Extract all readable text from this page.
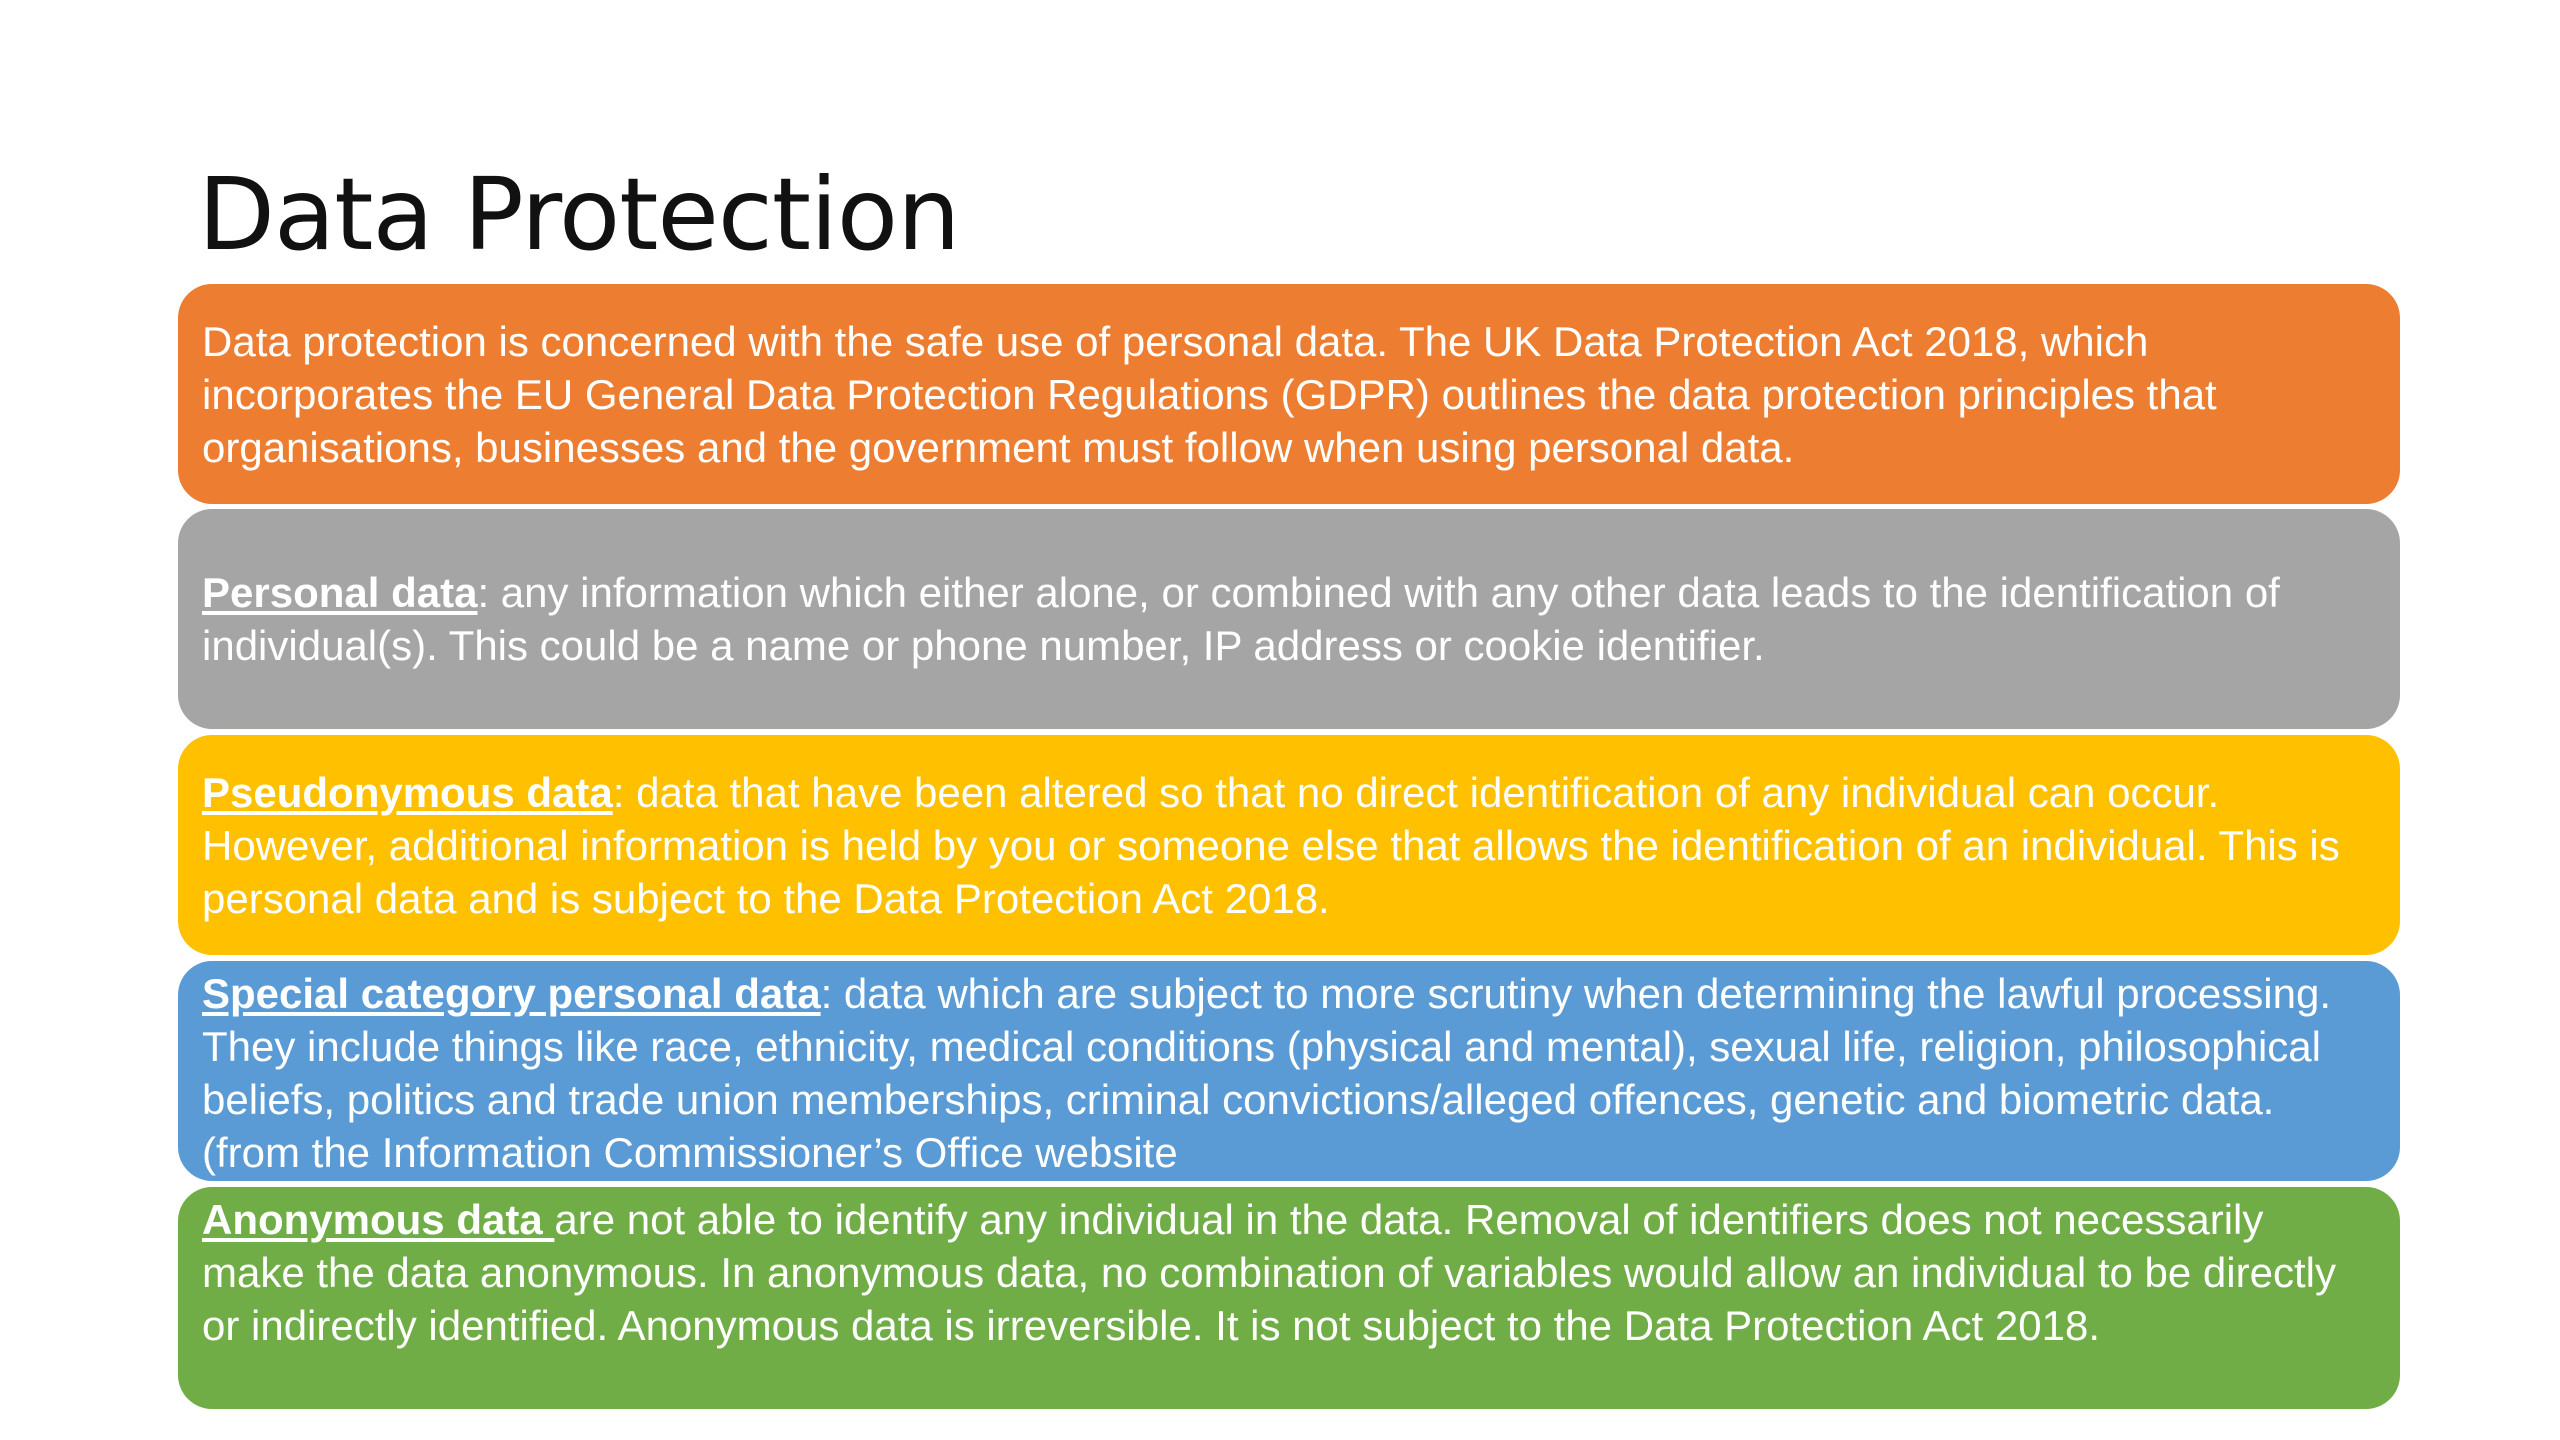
Data Protection

Data protection is concerned with the safe use of personal data. The UK Data Protection Act 2018, which incorporates the EU General Data Protection Regulations (GDPR) outlines the data protection principles that organisations, businesses and the government must follow when using personal data.

Personal data: any information which either alone, or combined with any other data leads to the identification of individual(s). This could be a name or phone number, IP address or cookie identifier.

Pseudonymous data: data that have been altered so that no direct identification of any individual can occur. However, additional information is held by you or someone else that allows the identification of an individual. This is personal data and is subject to the Data Protection Act 2018.

Special category personal data: data which are subject to more scrutiny when determining the lawful processing. They include things like race, ethnicity, medical conditions (physical and mental), sexual life, religion, philosophical beliefs, politics and trade union memberships, criminal convictions/alleged offences, genetic and biometric data. (from the Information Commissioner’s Office website

Anonymous data are not able to identify any individual in the data. Removal of identifiers does not necessarily make the data anonymous. In anonymous data, no combination of variables would allow an individual to be directly or indirectly identified. Anonymous data is irreversible. It is not subject to the Data Protection Act 2018.
